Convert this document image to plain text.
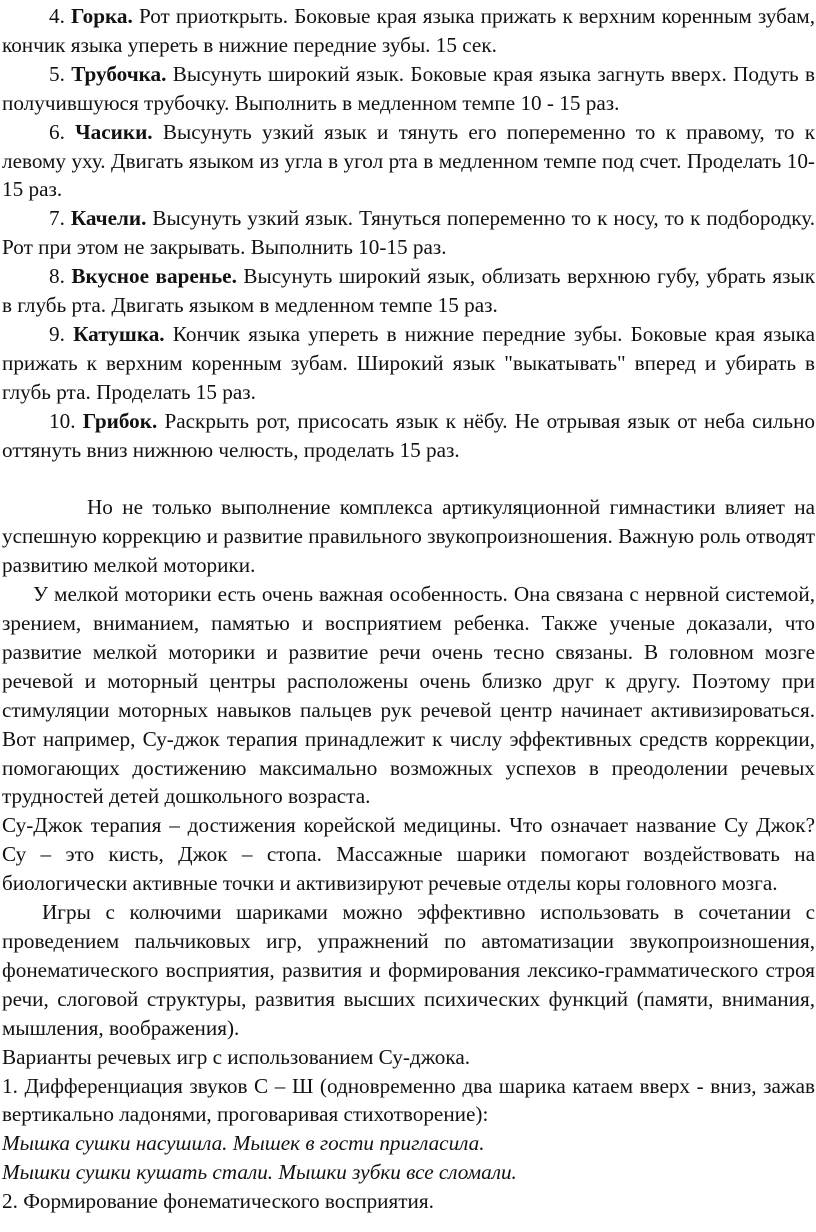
4. Горка. Рот приоткрыть. Боковые края языка прижать к верхним коренным зубам, кончик языка упереть в нижние передние зубы. 15 сек.

5. Трубочка. Высунуть широкий язык. Боковые края языка загнуть вверх. Подуть в получившуюся трубочку. Выполнить в медленном темпе 10 - 15 раз.

6. Часики. Высунуть узкий язык и тянуть его попеременно то к правому, то к левому уху. Двигать языком из угла в угол рта в медленном темпе под счет. Проделать 10-15 раз.

7. Качели. Высунуть узкий язык. Тянуться попеременно то к носу, то к подбородку. Рот при этом не закрывать. Выполнить 10-15 раз.

8. Вкусное варенье. Высунуть широкий язык, облизать верхнюю губу, убрать язык в глубь рта. Двигать языком в медленном темпе 15 раз.

9. Катушка. Кончик языка упереть в нижние передние зубы. Боковые края языка прижать к верхним коренным зубам. Широкий язык "выкатывать" вперед и убирать в глубь рта. Проделать 15 раз.

10. Грибок. Раскрыть рот, присосать язык к нёбу. Не отрывая язык от неба сильно оттянуть вниз нижнюю челюсть, проделать 15 раз.

Но не только выполнение комплекса артикуляционной гимнастики влияет на успешную коррекцию и развитие правильного звукопроизношения. Важную роль отводят развитию мелкой моторики.

У мелкой моторики есть очень важная особенность. Она связана с нервной системой, зрением, вниманием, памятью и восприятием ребенка. Также ученые доказали, что развитие мелкой моторики и развитие речи очень тесно связаны. В головном мозге речевой и моторный центры расположены очень близко друг к другу. Поэтому при стимуляции моторных навыков пальцев рук речевой центр начинает активизироваться. Вот например, Су-джок терапия принадлежит к числу эффективных средств коррекции, помогающих достижению максимально возможных успехов в преодолении речевых трудностей детей дошкольного возраста.

Су-Джок терапия – достижения корейской медицины. Что означает название Су Джок? Су – это кисть, Джок – стопа. Массажные шарики помогают воздействовать на биологически активные точки и активизируют речевые отделы коры головного мозга.

Игры с колючими шариками можно эффективно использовать в сочетании с проведением пальчиковых игр, упражнений по автоматизации звукопроизношения, фонематического восприятия, развития и формирования лексико-грамматического строя речи, слоговой структуры, развития высших психических функций (памяти, внимания, мышления, воображения).

Варианты речевых игр с использованием Су-джока.

1. Дифференциация звуков С – Ш (одновременно два шарика катаем вверх - вниз, зажав вертикально ладонями, проговаривая стихотворение):

Мышка сушки насушила. Мышек в гости пригласила.

Мышки сушки кушать стали. Мышки зубки все сломали.

2. Формирование фонематического восприятия.
